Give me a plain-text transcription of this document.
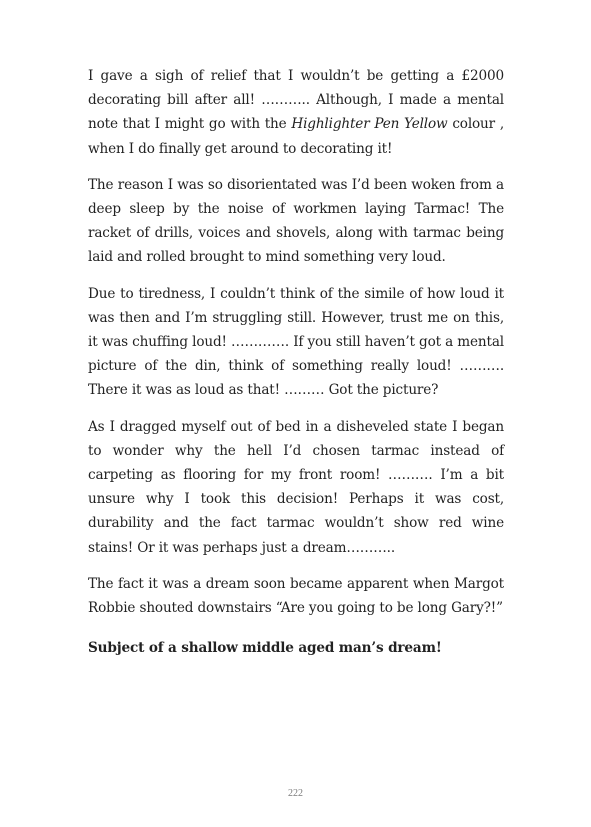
I gave a sigh of relief that I wouldn’t be getting a £2000 decorating bill after all! ……….. Although, I made a mental note that I might go with the Highlighter Pen Yellow colour , when I do finally get around to decorating it!

The reason I was so disorientated was I’d been woken from a deep sleep by the noise of workmen laying Tarmac! The racket of drills, voices and shovels, along with tarmac being laid and rolled brought to mind something very loud.

Due to tiredness, I couldn’t think of the simile of how loud it was then and I’m struggling still. However, trust me on this, it was chuffing loud! …………. If you still haven’t got a mental picture of the din, think of something really loud! ………. There it was as loud as that! ……… Got the picture?

As I dragged myself out of bed in a disheveled state I began to wonder why the hell I’d chosen tarmac instead of carpeting as flooring for my front room! ………. I’m a bit unsure why I took this decision! Perhaps it was cost, durability and the fact tarmac wouldn’t show red wine stains! Or it was perhaps just a dream………..

The fact it was a dream soon became apparent when Margot Robbie shouted downstairs “Are you going to be long Gary?!”

Subject of a shallow middle aged man’s dream!

222
